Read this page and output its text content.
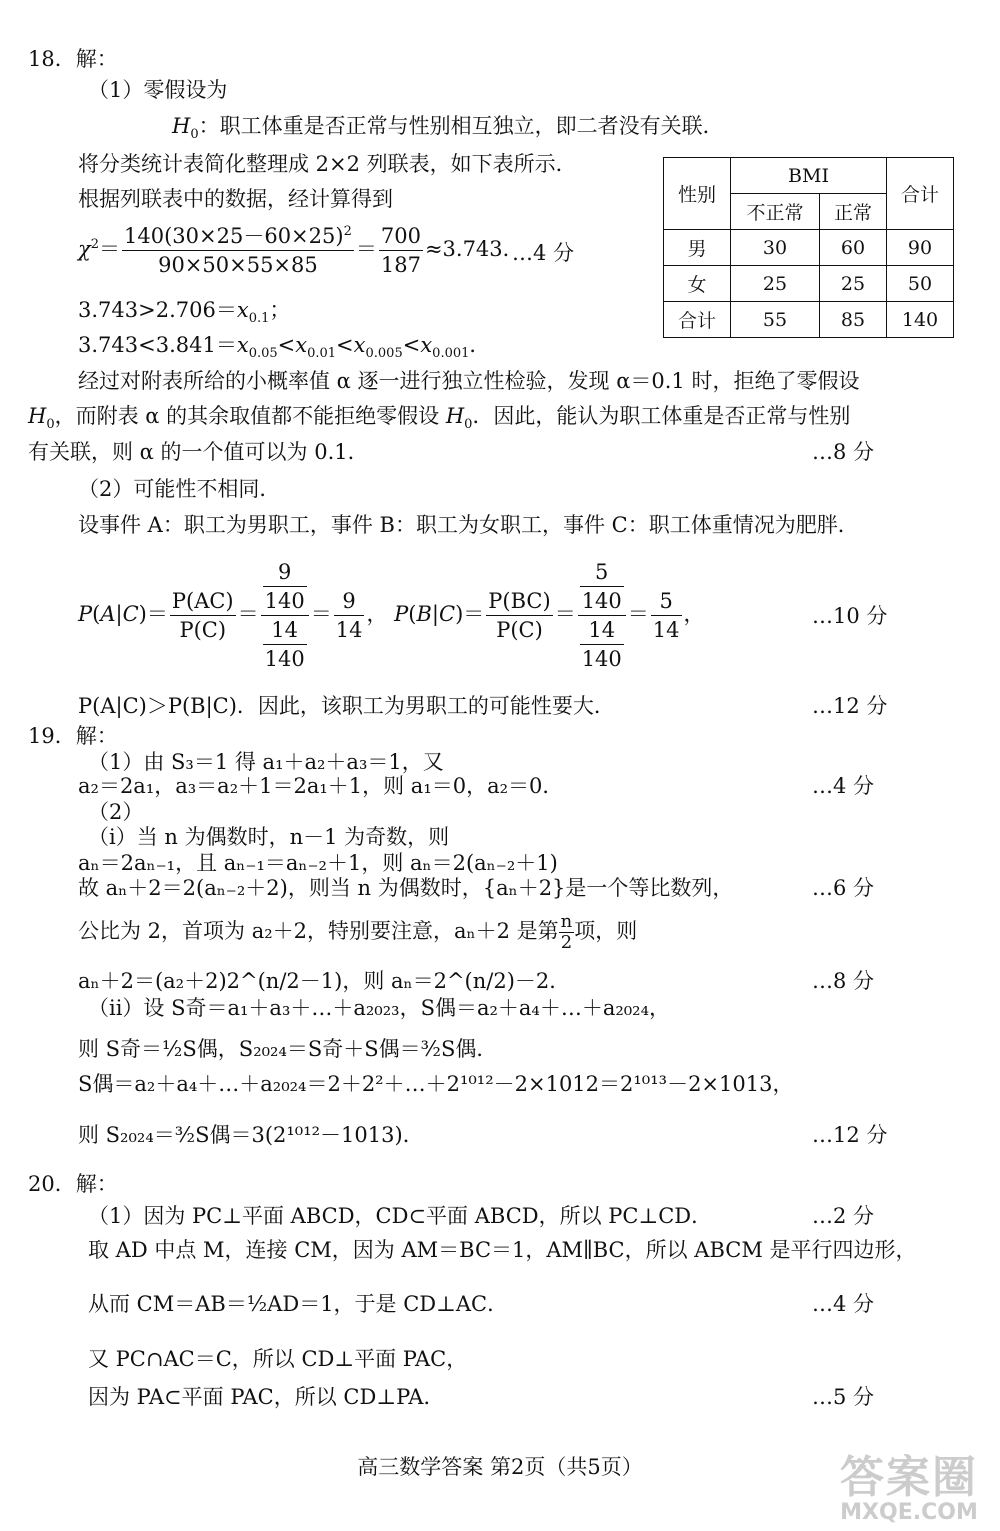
18．解：
（1）零假设为
$H_0$：职工体重是否正常与性别相互独立，即二者没有关联．
将分类统计表简化整理成 2×2 列联表，如下表所示．
根据列联表中的数据，经计算得到
$\chi^2= \frac{140(30\times 25-60\times 25)^2}{90\times 50\times 55\times 85} = \frac{700}{187} \approx 3.743$．
…4 分
$3.743>2.706=x_{0.1}$；
$3.743<3.841=x_{0.05}<x_{0.01}<x_{0.005}<x_{0.001}$．
性别	BMI		合计
	不正常	正常	
男	30	60	90
女	25	25	50
合计	55	85	140
经过对附表所给的小概率值 α 逐一进行独立性检验，发现 α＝0.1 时，拒绝了零假设
$H_0$，而附表 α 的其余取值都不能拒绝零假设 $H_0$．因此，能认为职工体重是否正常与性别
有关联，则 α 的一个值可以为 0.1．	…8 分
（2）可能性不相同．
设事件 A：职工为男职工，事件 B：职工为女职工，事件 C：职工体重情况为肥胖．
$P(A|C)= \frac{P(AC)}{P(C)} = \frac{\frac{9}{140}}{\frac{14}{140}} = \frac{9}{14}$ ， $P(B|C)= \frac{P(BC)}{P(C)} = \frac{\frac{5}{140}}{\frac{14}{140}} = \frac{5}{14}$ ，	…10 分
P(A|C)＞P(B|C)．因此，该职工为男职工的可能性要大．	…12 分
19．解：
（1）由 S₃＝1 得 a₁＋a₂＋a₃＝1，又
a₂＝2a₁，a₃＝a₂＋1＝2a₁＋1，则 a₁＝0，a₂＝0．	…4 分
（2）
（i）当 n 为偶数时，n－1 为奇数，则
aₙ＝2aₙ₋₁，且 aₙ₋₁＝aₙ₋₂＋1，则 aₙ＝2(aₙ₋₂＋1)
故 aₙ＋2＝2(aₙ₋₂＋2)，则当 n 为偶数时，{aₙ＋2}是一个等比数列，	…6 分
公比为 2，首项为 a₂＋2，特别要注意，aₙ＋2 是第 $\frac{n}{2}$ 项，则
aₙ＋2＝(a₂＋2)2^(n/2－1)，则 aₙ＝2^(n/2)－2．	…8 分
（ii）设 S奇＝a₁＋a₃＋…＋a₂₀₂₃，S偶＝a₂＋a₄＋…＋a₂₀₂₄，
则 S奇＝½S偶，S₂₀₂₄＝S奇＋S偶＝³⁄₂S偶．
S偶＝a₂＋a₄＋…＋a₂₀₂₄＝2＋2²＋…＋2¹⁰¹²－2×1012＝2¹⁰¹³－2×1013，
则 S₂₀₂₄＝³⁄₂S偶＝3(2¹⁰¹²－1013)．	…12 分
20．解：
（1）因为 PC⊥平面 ABCD，CD⊂平面 ABCD，所以 PC⊥CD．	…2 分
取 AD 中点 M，连接 CM，因为 AM＝BC＝1，AM∥BC，所以 ABCM 是平行四边形，
从而 CM＝AB＝½AD＝1，于是 CD⊥AC．	…4 分
又 PC∩AC＝C，所以 CD⊥平面 PAC，
因为 PA⊂平面 PAC，所以 CD⊥PA．	…5 分
高三数学答案 第2页（共5页）	答案圈
MXQE.COM
